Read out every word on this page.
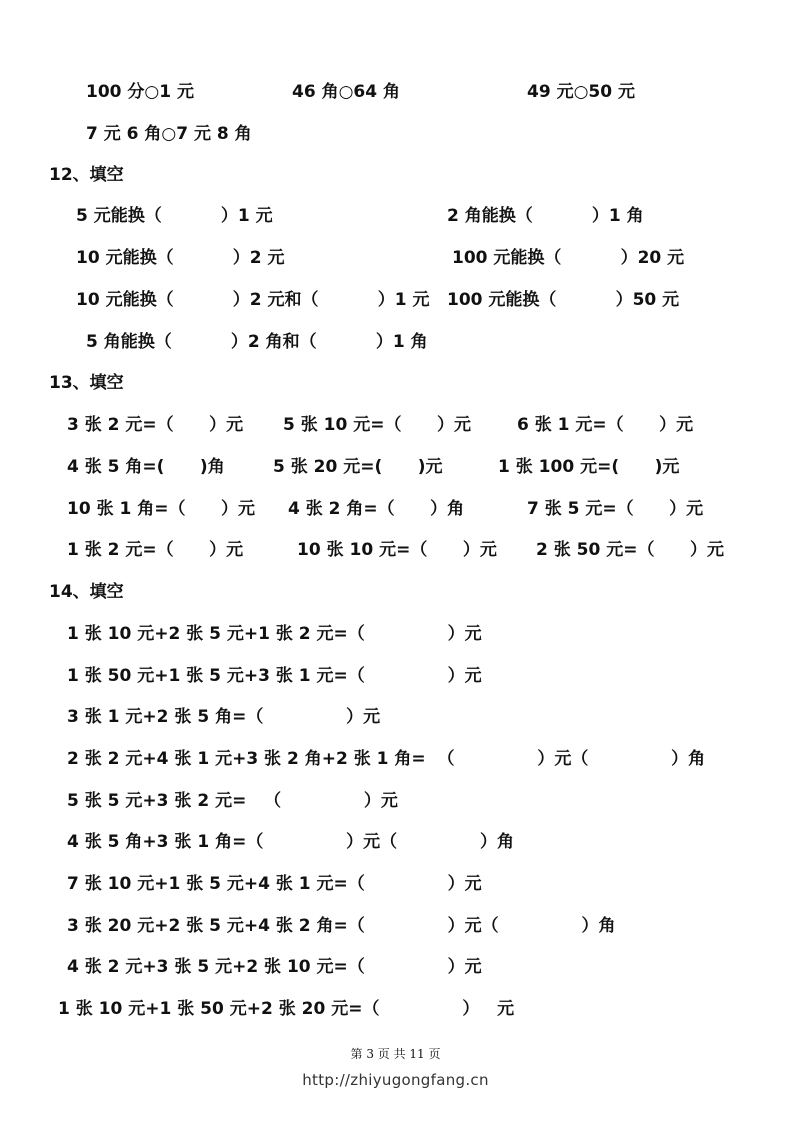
100 分○1 元	46 角○64 角	49 元○50 元
7 元 6 角○7 元 8 角
12、填空
5 元能换（          ）1 元	2 角能换（          ）1 角
10 元能换（          ）2 元	100 元能换（          ）20 元
10 元能换（          ）2 元和（          ）1 元 100 元能换（          ）50 元
5 角能换（          ）2 角和（          ）1 角
13、填空
3 张 2 元=（      ）元 5 张 10 元=（      ）元	6 张 1 元=（      ）元
4 张 5 角=(      )角	5 张 20 元=(      )元	1 张 100 元=(      )元
10 张 1 角=（      ）元 4 张 2 角=（      ）角	7 张 5 元=（      ）元
1 张 2 元=（      ）元	10 张 10 元=（      ）元 2 张 50 元=（      ）元
14、填空
1 张 10 元+2 张 5 元+1 张 2 元=（              ）元
1 张 50 元+1 张 5 元+3 张 1 元=（              ）元
3 张 1 元+2 张 5 角=（              ）元
2 张 2 元+4 张 1 元+3 张 2 角+2 张 1 角=  （              ）元（              ）角
5 张 5 元+3 张 2 元=   （              ）元
4 张 5 角+3 张 1 角=（              ）元（              ）角
7 张 10 元+1 张 5 元+4 张 1 元=（              ）元
3 张 20 元+2 张 5 元+4 张 2 角=（              ）元（              ）角
4 张 2 元+3 张 5 元+2 张 10 元=（              ）元
1 张 10 元+1 张 50 元+2 张 20 元=（              ）   元
第 3 页 共 11 页
http://zhiyugongfang.cn
